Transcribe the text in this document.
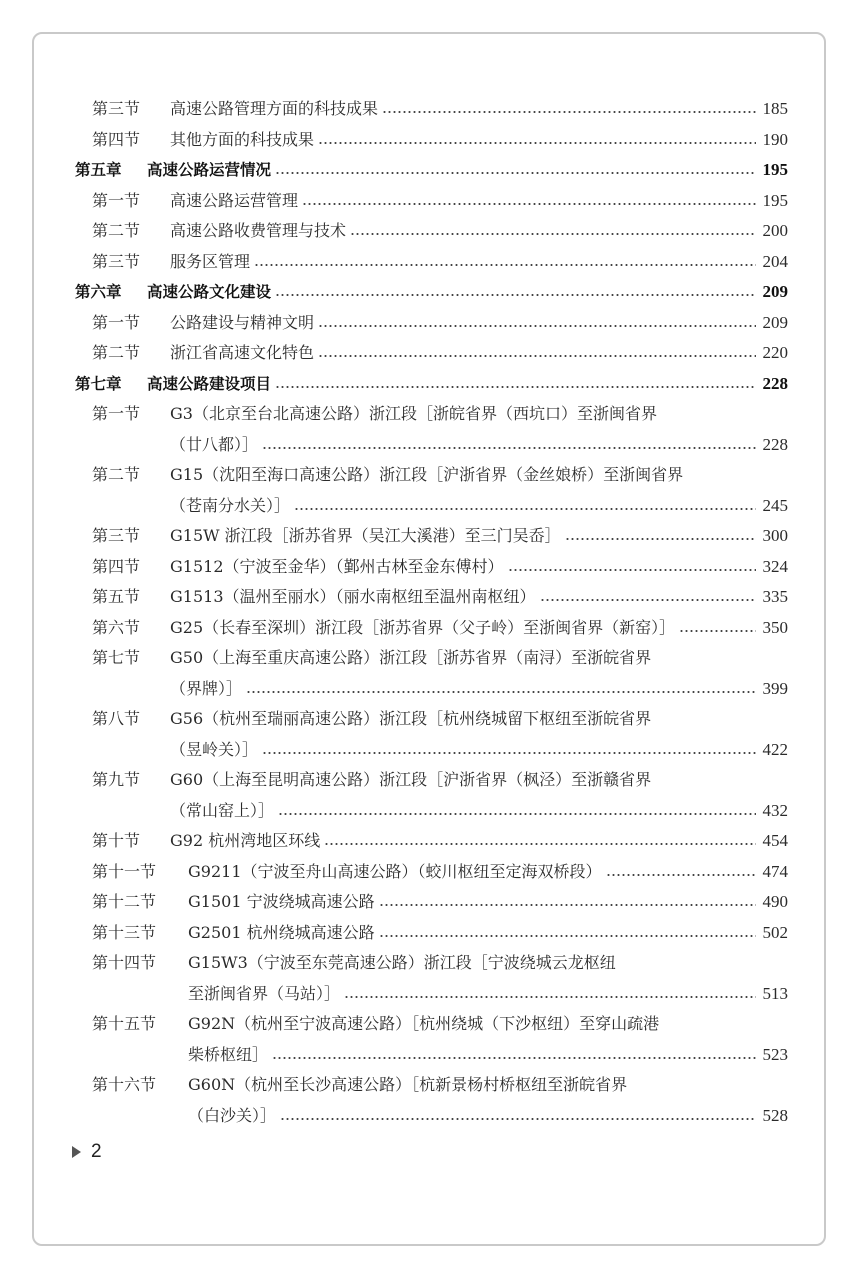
第三节 高速公路管理方面的科技成果	185
第四节 其他方面的科技成果	190
第五章 高速公路运营情况	195
第一节 高速公路运营管理	195
第二节 高速公路收费管理与技术	200
第三节 服务区管理	204
第六章 高速公路文化建设	209
第一节 公路建设与精神文明	209
第二节 浙江省高速文化特色	220
第七章 高速公路建设项目	228
第一节 G3（北京至台北高速公路）浙江段［浙皖省界（西坑口）至浙闽省界
（廿八都）］	228
第二节 G15（沈阳至海口高速公路）浙江段［沪浙省界（金丝娘桥）至浙闽省界
（苍南分水关）］	245
第三节 G15W 浙江段［浙苏省界（吴江大溪港）至三门吴岙］	300
第四节 G1512（宁波至金华）（鄞州古林至金东傅村）	324
第五节 G1513（温州至丽水）（丽水南枢纽至温州南枢纽）	335
第六节 G25（长春至深圳）浙江段［浙苏省界（父子岭）至浙闽省界（新窑）］	350
第七节 G50（上海至重庆高速公路）浙江段［浙苏省界（南浔）至浙皖省界
（界牌）］	399
第八节 G56（杭州至瑞丽高速公路）浙江段［杭州绕城留下枢纽至浙皖省界
（昱岭关）］	422
第九节 G60（上海至昆明高速公路）浙江段［沪浙省界（枫泾）至浙赣省界
（常山窑上）］	432
第十节 G92 杭州湾地区环线	454
第十一节 G9211（宁波至舟山高速公路）（蛟川枢纽至定海双桥段）	474
第十二节 G1501 宁波绕城高速公路	490
第十三节 G2501 杭州绕城高速公路	502
第十四节 G15W3（宁波至东莞高速公路）浙江段［宁波绕城云龙枢纽
至浙闽省界（马站）］	513
第十五节 G92N（杭州至宁波高速公路）［杭州绕城（下沙枢纽）至穿山疏港
柴桥枢纽］	523
第十六节 G60N（杭州至长沙高速公路）［杭新景杨村桥枢纽至浙皖省界
（白沙关）］	528
2
